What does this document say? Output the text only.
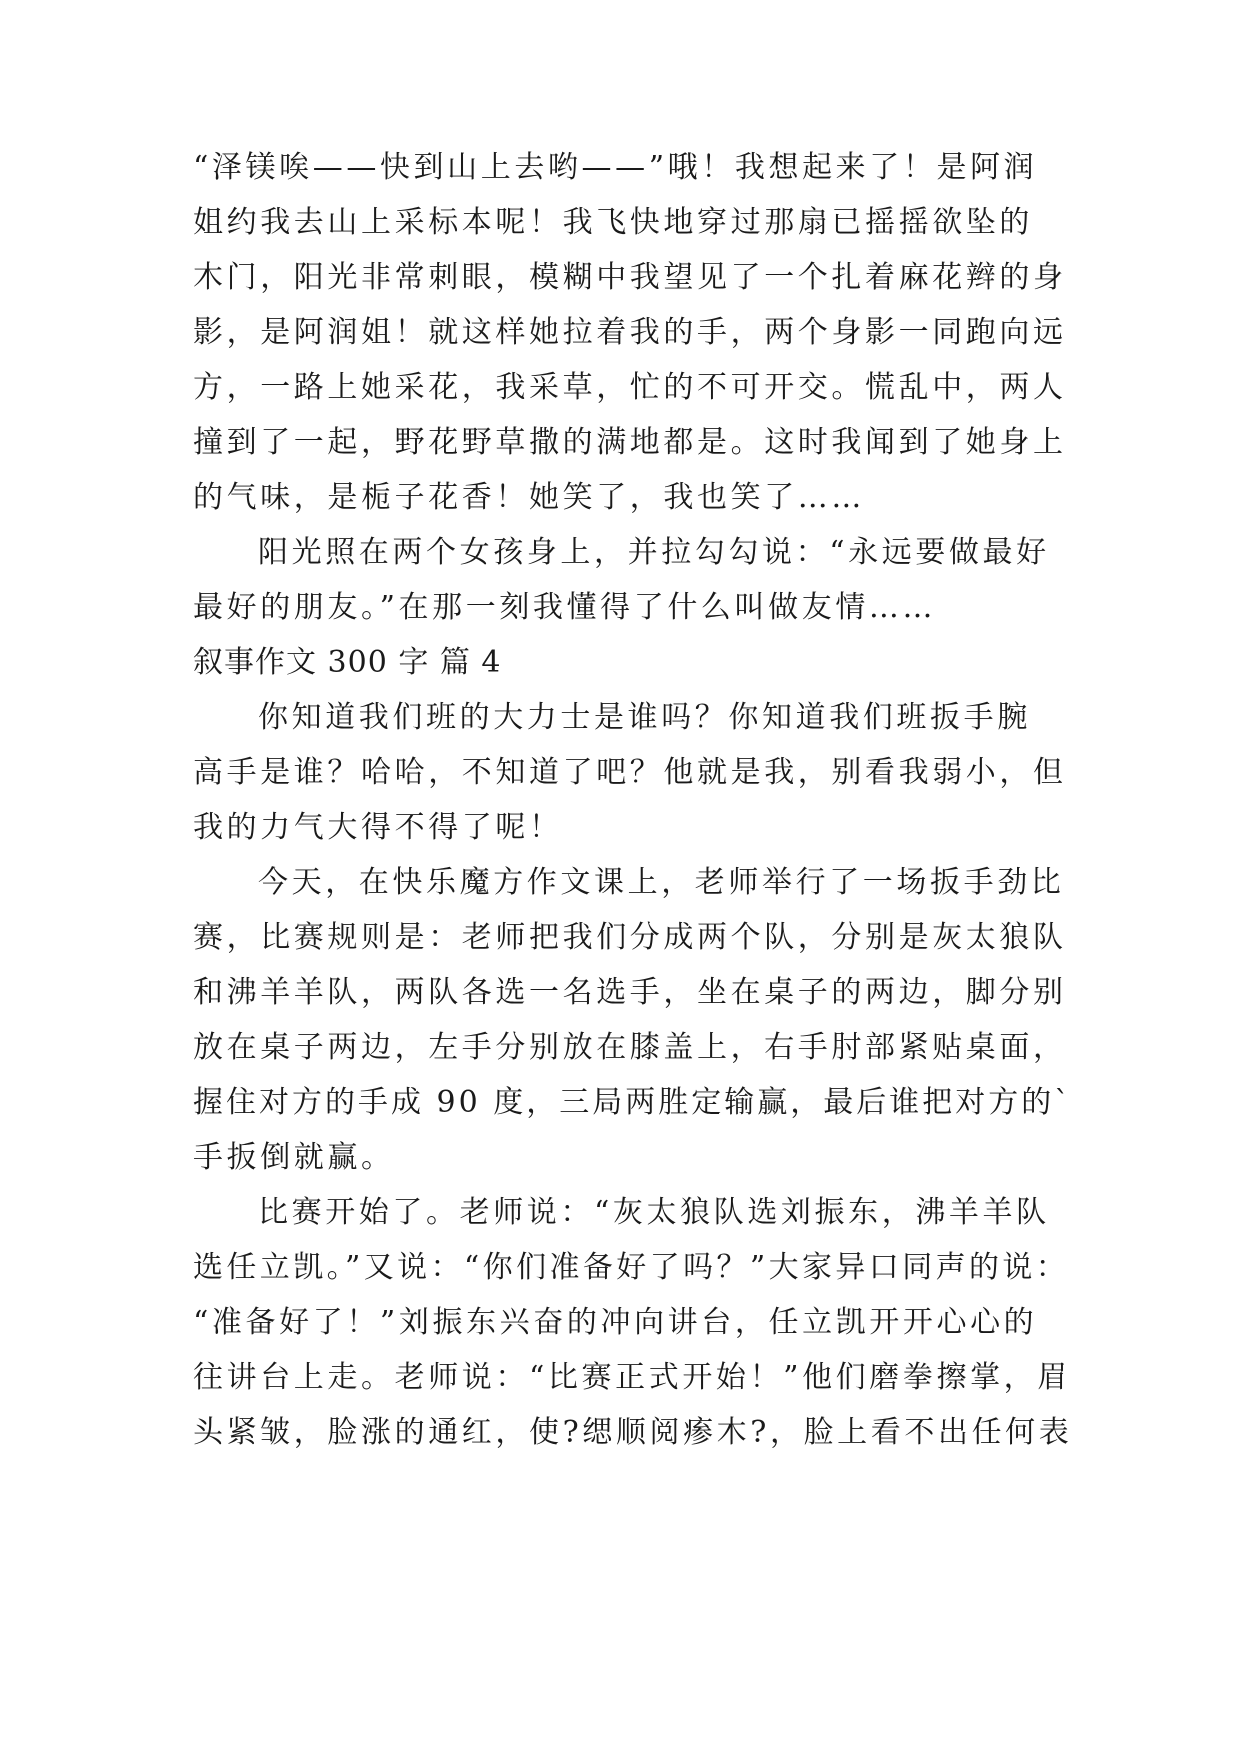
“泽镁唉——快到山上去哟——”哦！我想起来了！是阿润
姐约我去山上采标本呢！我飞快地穿过那扇已摇摇欲坠的
木门，阳光非常刺眼，模糊中我望见了一个扎着麻花辫的身
影，是阿润姐！就这样她拉着我的手，两个身影一同跑向远
方，一路上她采花，我采草，忙的不可开交。慌乱中，两人
撞到了一起，野花野草撒的满地都是。这时我闻到了她身上
的气味，是栀子花香！她笑了，我也笑了……
阳光照在两个女孩身上，并拉勾勾说：“永远要做最好
最好的朋友。”在那一刻我懂得了什么叫做友情……
叙事作文 300 字 篇 4
你知道我们班的大力士是谁吗？你知道我们班扳手腕
高手是谁？哈哈，不知道了吧？他就是我，别看我弱小，但
我的力气大得不得了呢！
今天，在快乐魔方作文课上，老师举行了一场扳手劲比
赛，比赛规则是：老师把我们分成两个队，分别是灰太狼队
和沸羊羊队，两队各选一名选手，坐在桌子的两边，脚分别
放在桌子两边，左手分别放在膝盖上，右手肘部紧贴桌面，
握住对方的手成 90 度，三局两胜定输赢，最后谁把对方的`
手扳倒就赢。
比赛开始了。老师说：“灰太狼队选刘振东，沸羊羊队
选任立凯。”又说：“你们准备好了吗？”大家异口同声的说：
“准备好了！”刘振东兴奋的冲向讲台，任立凯开开心心的
往讲台上走。老师说：“比赛正式开始！”他们磨拳擦掌，眉
头紧皱，脸涨的通红，使?缌顺阅瘆木?，脸上看不出任何表
